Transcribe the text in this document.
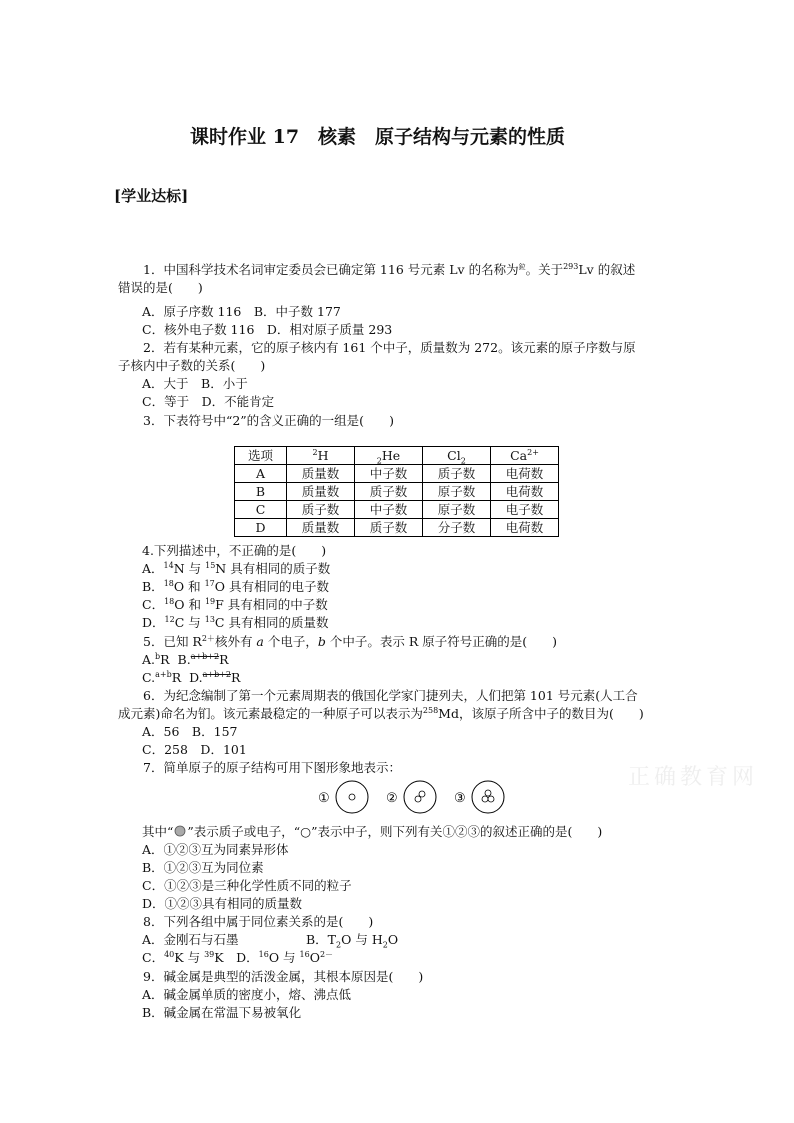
课时作业 17　核素　原子结构与元素的性质
[学业达标]
　　1．中国科学技术名词审定委员会已确定第 116 号元素 Lv 的名称为$^鉝$。关于$^{293}$Lv 的叙述
错误的是(　　)
A．原子序数 116　B．中子数 177
C．核外电子数 116　D．相对原子质量 293
　　2．若有某种元素，它的原子核内有 161 个中子，质量数为 272。该元素的原子序数与原
子核内中子数的关系(　　)
A．大于　B．小于
C．等于　D．不能肯定
　　3．下表符号中“2”的含义正确的一组是(　　)
选项	$^2$H	$_2$He	$Cl_2$	$Ca^{2+}$
A	质量数	中子数	质子数	电荷数
B	质量数	质子数	原子数	电荷数
C	质子数	中子数	原子数	电子数
D	质量数	质子数	分子数	电荷数
4.下列描述中，不正确的是(　　)
A．$^{14}$N 与 $^{15}$N 具有相同的质子数
B．$^{18}$O 和 $^{17}$O 具有相同的电子数
C．$^{18}$O 和 $^{19}$F 具有相同的中子数
D．$^{12}$C 与 $^{13}$C 具有相同的质量数
　　5．已知 $R^{2+}$核外有 a 个电子，b 个中子。表示 R 原子符号正确的是(　　)
A.$^b$R B.$^{a+b+2}$R
C.$^{a+b}$R D.$^{a+b+2}$R
　　6．为纪念编制了第一个元素周期表的俄国化学家门捷列夫，人们把第 101 号元素(人工合
成元素)命名为钔。该元素最稳定的一种原子可以表示为$^{258}$Md，该原子所含中子的数目为(　　)
A．56　B．157
C．258　D．101
　　7．简单原子的原子结构可用下图形象地表示：
①	②	③
其中“ ”表示质子或电子，“○”表示中子，则下列有关①②③的叙述正确的是(　　)
A．①②③互为同素异形体
B．①②③互为同位素
C．①②③是三种化学性质不同的粒子
D．①②③具有相同的质量数
　　8．下列各组中属于同位素关系的是(　　)
A．金刚石与石墨	B．$T_2O$ 与 $H_2O$
C．$^{40}$K 与 $^{39}$K　D．$^{16}$O 与 $^{16}O^{2-}$
　　9．碱金属是典型的活泼金属，其根本原因是(　　)
A．碱金属单质的密度小，熔、沸点低
B．碱金属在常温下易被氧化
正确教育网
